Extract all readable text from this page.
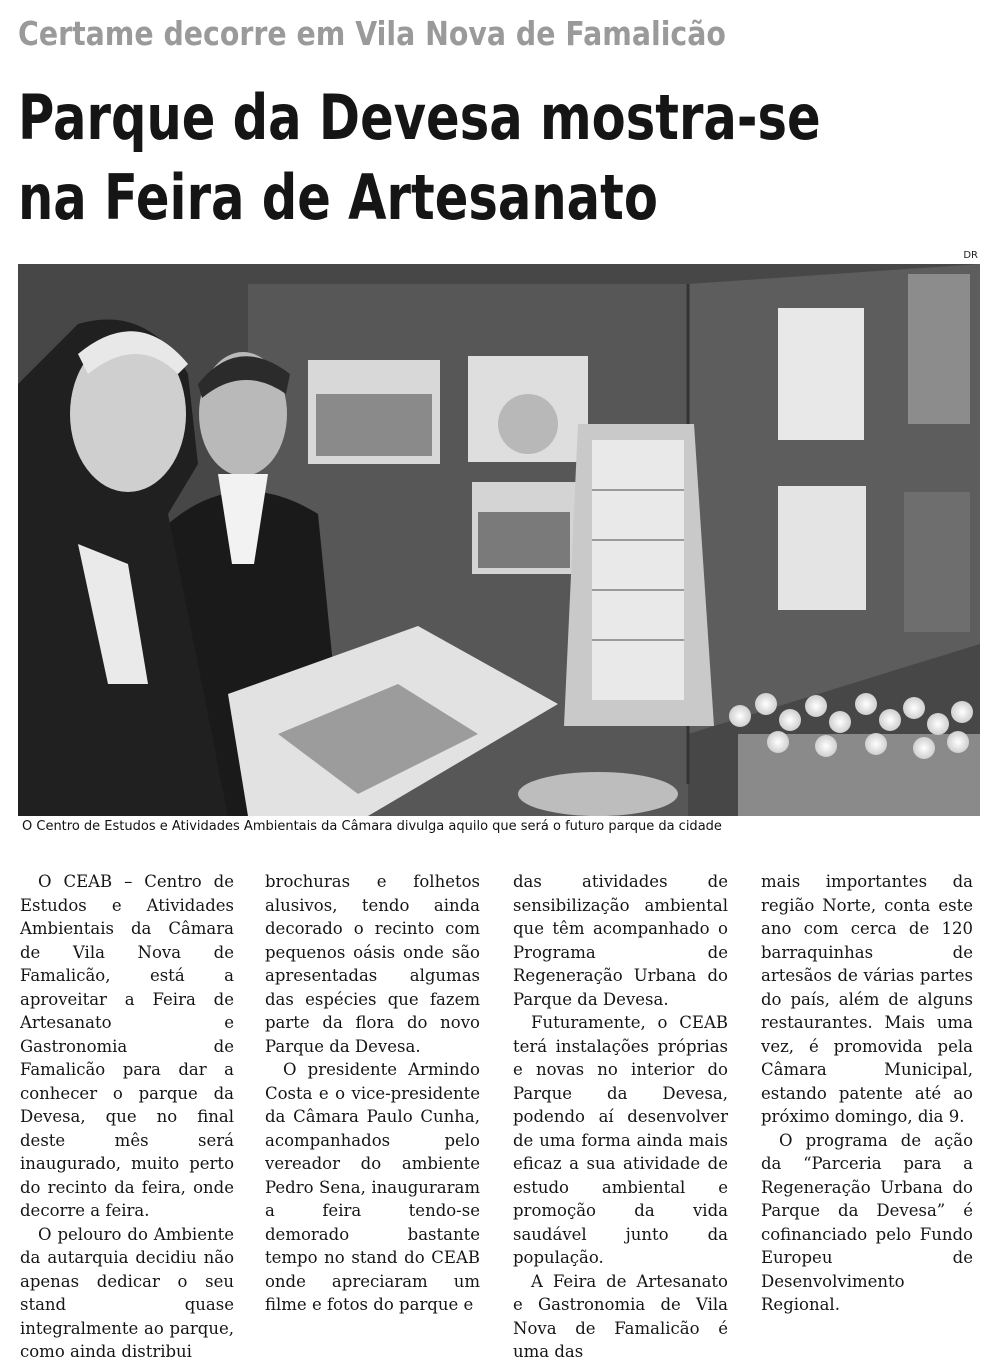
Certame decorre em Vila Nova de Famalicão
Parque da Devesa mostra-se
na Feira de Artesanato
DR
O Centro de Estudos e Atividades Ambientais da Câmara divulga aquilo que será o futuro parque da cidade

O CEAB – Centro de Estudos e Atividades Ambientais da Câmara de Vila Nova de Famalicão, está a aproveitar a Feira de Artesanato e Gastronomia de Famalicão para dar a conhecer o parque da Devesa, que no final deste mês será inaugurado, muito perto do recinto da feira, onde decorre a feira.

O pelouro do Ambiente da autarquia decidiu não apenas dedicar o seu stand quase integralmente ao parque, como ainda distribui

brochuras e folhetos alusivos, tendo ainda decorado o recinto com pequenos oásis onde são apresentadas algumas das espécies que fazem parte da flora do novo Parque da Devesa.

O presidente Armindo Costa e o vice-presidente da Câmara Paulo Cunha, acompanhados pelo vereador do ambiente Pedro Sena, inauguraram a feira tendo-se demorado bastante tempo no stand do CEAB onde apreciaram um filme e fotos do parque e

das atividades de sensibilização ambiental que têm acompanhado o Programa de Regeneração Urbana do Parque da Devesa.

Futuramente, o CEAB terá instalações próprias e novas no interior do Parque da Devesa, podendo aí desenvolver de uma forma ainda mais eficaz a sua atividade de estudo ambiental e promoção da vida saudável junto da população.

A Feira de Artesanato e Gastronomia de Vila Nova de Famalicão é uma das

mais importantes da região Norte, conta este ano com cerca de 120 barraquinhas de artesãos de várias partes do país, além de alguns restaurantes. Mais uma vez, é promovida pela Câmara Municipal, estando patente até ao próximo domingo, dia 9.

O programa de ação da “Parceria para a Regeneração Urbana do Parque da Devesa” é cofinanciado pelo Fundo Europeu de Desenvolvimento Regional.
